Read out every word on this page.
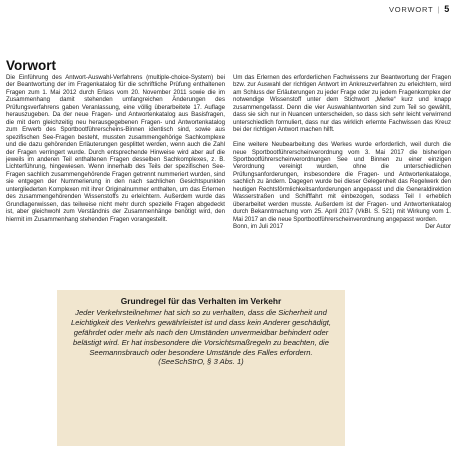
VORWORT | 5
Vorwort

Die Einführung des Antwort-Auswahl-Verfahrens (multiple-choice-System) bei der Beantwortung der im Fragenkatalog für die schriftliche Prüfung enthaltenen Fragen zum 1. Mai 2012 durch Erlass vom 20. November 2011 sowie die im Zusammenhang damit stehenden umfangreichen Änderungen des Prüfungsverfahrens gaben Veranlassung, eine völlig überarbeitete 17. Auflage herauszugeben. Da der neue Fragen- und Antwortenkatalog aus Basisfragen, die mit dem gleichzeitig neu herausgegebenen Fragen- und Antwortenkatalog zum Erwerb des Sportbootführerscheins-Binnen identisch sind, sowie aus spezifischen See-Fragen besteht, mussten zusammengehörige Sachkomplexe und die dazu gehörenden Erläuterungen gesplittet werden, wenn auch die Zahl der Fragen verringert wurde. Durch entsprechende Hinweise wird aber auf die jeweils im anderen Teil enthaltenen Fragen desselben Sachkomplexes, z. B. Lichterführung, hingewiesen. Wenn innerhalb des Teils der spezifischen See-Fragen sachlich zusammengehörende Fragen getrennt nummeriert wurden, sind sie entgegen der Nummerierung in den nach sachlichen Gesichtspunkten untergliederten Komplexen mit ihrer Originalnummer enthalten, um das Erlernen des zusammengehörenden Wissenstoffs zu erleichtern. Außerdem wurde das Grundlagenwissen, das teilweise nicht mehr durch spezielle Fragen abgedeckt ist, aber gleichwohl zum Verständnis der Zusammenhänge benötigt wird, den hiermit im Zusammenhang stehenden Fragen vorangestellt.

Um das Erlernen des erforderlichen Fachwissens zur Beantwortung der Fragen bzw. zur Auswahl der richtigen Antwort im Ankreuzverfahren zu erleichtern, wird am Schluss der Erläuterungen zu jeder Frage oder zu jedem Fragenkomplex der notwendige Wissenstoff unter dem Stichwort „Merke“ kurz und knapp zusammengefasst. Denn die vier Auswahlantworten sind zum Teil so gewählt, dass sie sich nur in Nuancen unterscheiden, so dass sich sehr leicht verwirrend unterschiedlich formuliert, dass nur das wirklich erlernte Fachwissen das Kreuz bei der richtigen Antwort machen hilft.

Eine weitere Neubearbeitung des Werkes wurde erforderlich, weil durch die neue Sportbootführerscheinverordnung vom 3. Mai 2017 die bisherigen Sportbootführerscheinverordnungen See und Binnen zu einer einzigen Verordnung vereinigt wurden, ohne die unterschiedlichen Prüfungsanforderungen, insbesondere die Fragen- und Antwortenkataloge, sachlich zu ändern. Dagegen wurde bei dieser Gelegenheit das Regelwerk den heutigen Rechtsförmlichkeitsanforderungen angepasst und die Generaldirektion Wasserstraßen und Schifffahrt mit einbezogen, sodass Teil I erheblich überarbeitet werden musste. Außerdem ist der Fragen- und Antwortenkatalog durch Bekanntmachung vom 25. April 2017 (VkBl. S. 521) mit Wirkung vom 1. Mai 2017 an die neue Sportbootführerscheinverordnung angepasst worden.

Bonn, im Juli 2017	Der Autor
Grundregel für das Verhalten im Verkehr
Jeder Verkehrsteilnehmer hat sich so zu verhalten, dass die Sicherheit und Leichtigkeit des Verkehrs gewährleistet ist und dass kein Anderer geschädigt, gefährdet oder mehr als nach den Umständen unvermeidbar behindert oder belästigt wird. Er hat insbesondere die Vorsichtsmaßregeln zu beachten, die Seemannsbrauch oder besondere Umstände des Falles erfordern.
(SeeSchStrO, § 3 Abs. 1)
